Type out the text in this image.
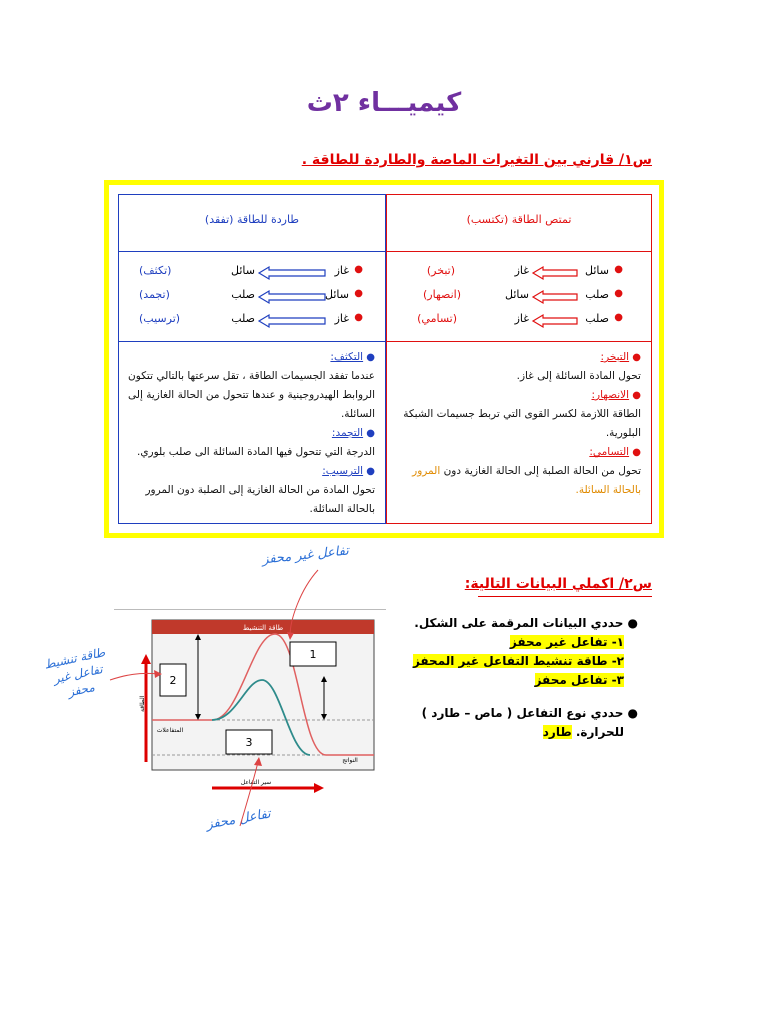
كيميـــاء ٢ث
س١/ قارني بين التغيرات الماصة والطاردة للطاقة .
تمتص الطاقة (تكتسب)
طاردة للطاقة (تفقد)
●
سائل
غاز
(تبخر)
●
صلب
سائل
(انصهار)
●
صلب
غاز
(تسامي)
●
غاز
سائل
(تكثف)
●
سائل
صلب
(تجمد)
●
غاز
صلب
(ترسيب)
● التبخر:
تحول المادة السائلة إلى غاز.
● الانصهار:
الطاقة اللازمة لكسر القوى التي تربط جسيمات الشبكة البلورية.
● التسامي:
تحول من الحالة الصلبة إلى الحالة الغازية دون المرور
بالحالة السائلة.
● التكثف:
عندما تفقد الجسيمات الطاقة ، تقل سرعتها بالتالي تتكون الروابط الهيدروجينية و عندها تتحول من الحالة الغازية إلى السائلة.
● التجمد:
الدرجة التي تتحول فيها المادة السائلة الى صلب بلوري.
● الترسيب:
تحول المادة من الحالة الغازية إلى الصلبة دون المرور بالحالة السائلة.
س٢/ اكملي البيانات التالية:
● حددي البيانات المرقمة على الشكل.
١- تفاعل غير محفز
٢- طاقة تنشيط التفاعل غير المحفز
٣- تفاعل محفز
● حددي نوع التفاعل ( ماص – طارد )
للحرارة. طارد
طاقة التنشيط
2
1
3
المتفاعلات
النواتج
الطاقة
سير التفاعل
تفاعل غير محفز
طاقة تنشيط تفاعل غير محفز
تفاعل محفز
